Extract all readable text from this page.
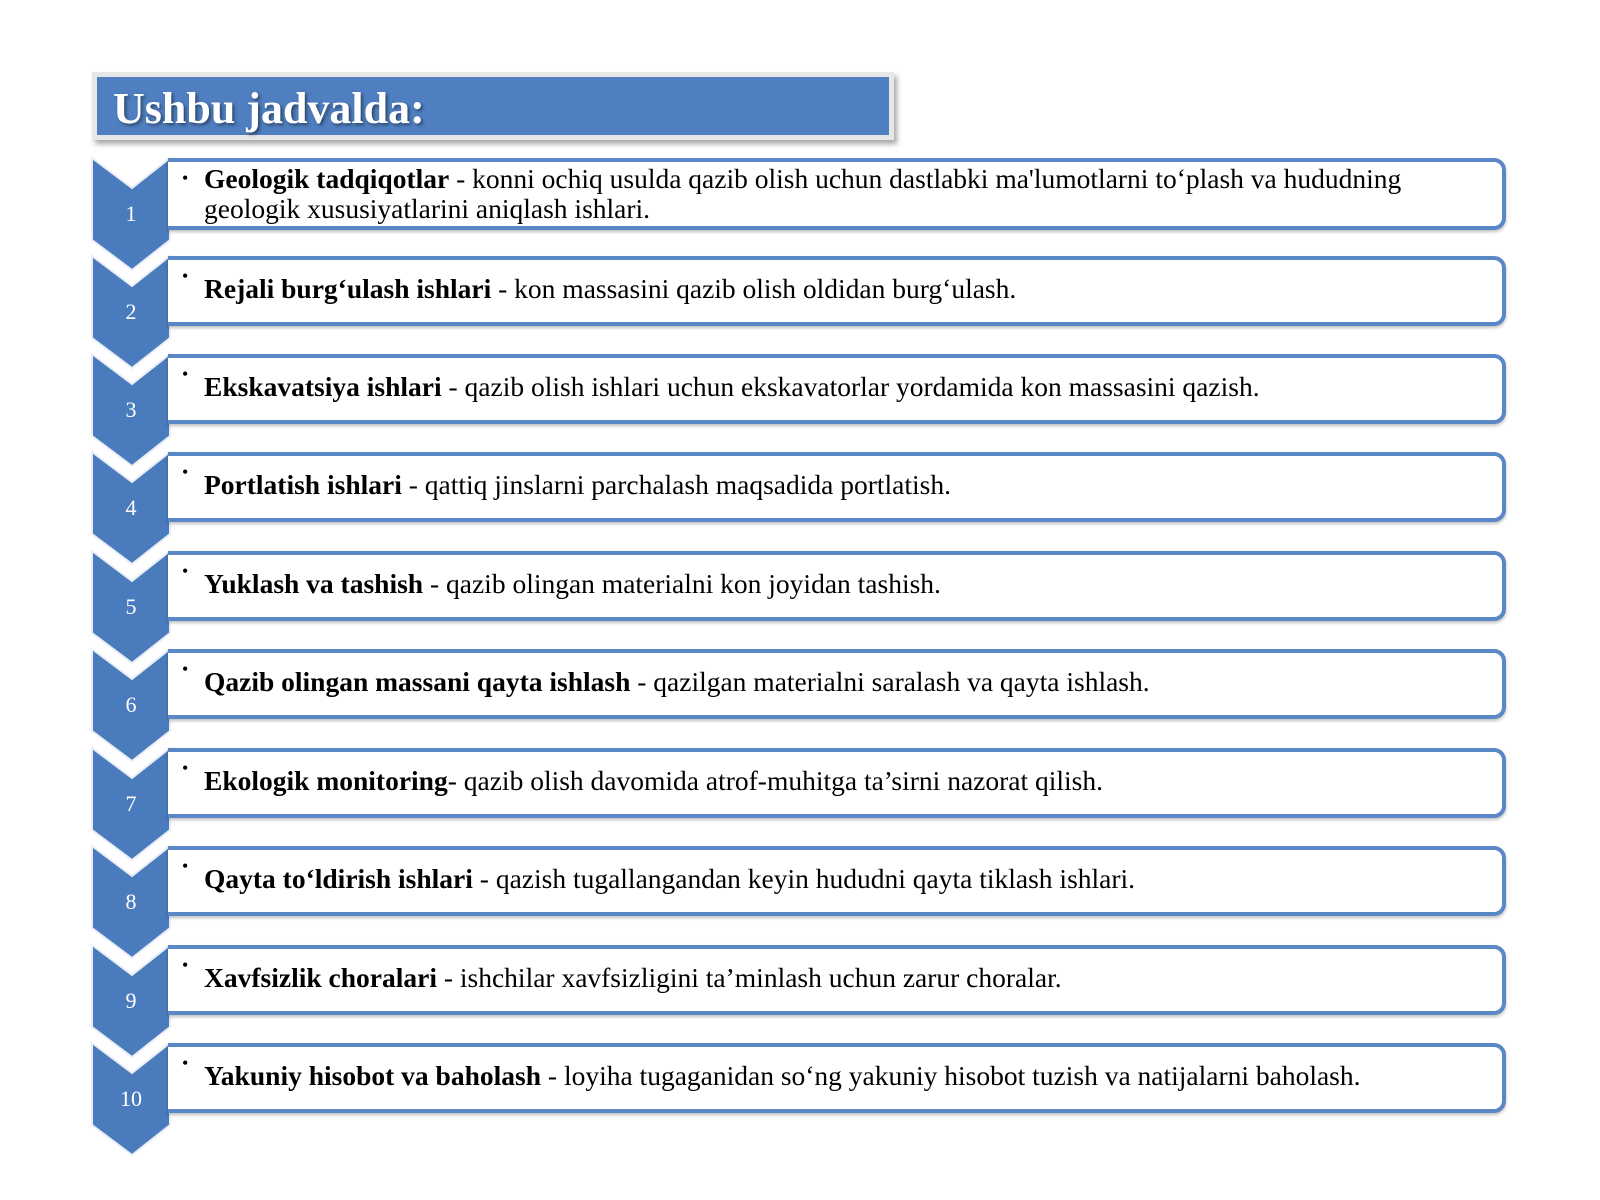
Ushbu jadvalda:
1
2
3
4
5
6
7
8
9
10
• Geologik tadqiqotlar - konni ochiq usulda qazib olish uchun dastlabki ma'lumotlarni to‘plash va hududning geologik xususiyatlarini aniqlash ishlari.
• Rejali burg‘ulash ishlari - kon massasini qazib olish oldidan burg‘ulash.
• Ekskavatsiya ishlari - qazib olish ishlari uchun ekskavatorlar yordamida kon massasini qazish.
• Portlatish ishlari - qattiq jinslarni parchalash maqsadida portlatish.
• Yuklash va tashish - qazib olingan materialni kon joyidan tashish.
• Qazib olingan massani qayta ishlash - qazilgan materialni saralash va qayta ishlash.
• Ekologik monitoring- qazib olish davomida atrof-muhitga ta’sirni nazorat qilish.
• Qayta to‘ldirish ishlari - qazish tugallangandan keyin hududni qayta tiklash ishlari.
• Xavfsizlik choralari - ishchilar xavfsizligini ta’minlash uchun zarur choralar.
• Yakuniy hisobot va baholash - loyiha tugaganidan so‘ng yakuniy hisobot tuzish va natijalarni baholash.
